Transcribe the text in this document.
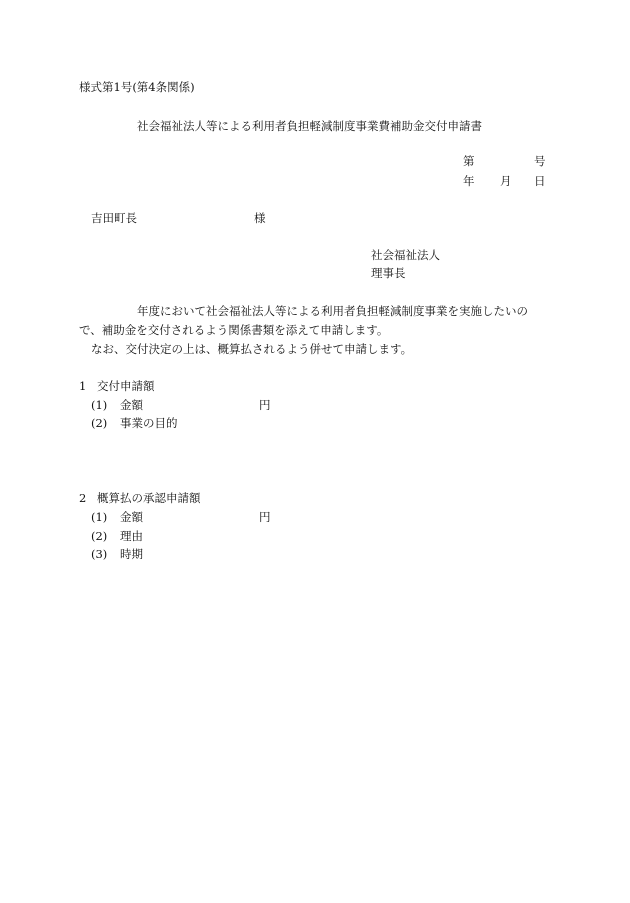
様式第1号(第4条関係)
社会福祉法人等による利用者負担軽減制度事業費補助金交付申請書
第	号
年 月 日
吉田町長	様
社会福祉法人
理事長
年度において社会福祉法人等による利用者負担軽減制度事業を実施したいの
で、補助金を交付されるよう関係書類を添えて申請します。
なお、交付決定の上は、概算払されるよう併せて申請します。
1 交付申請額
(1) 金額	円
(2) 事業の目的
2 概算払の承認申請額
(1) 金額	円
(2) 理由
(3) 時期
